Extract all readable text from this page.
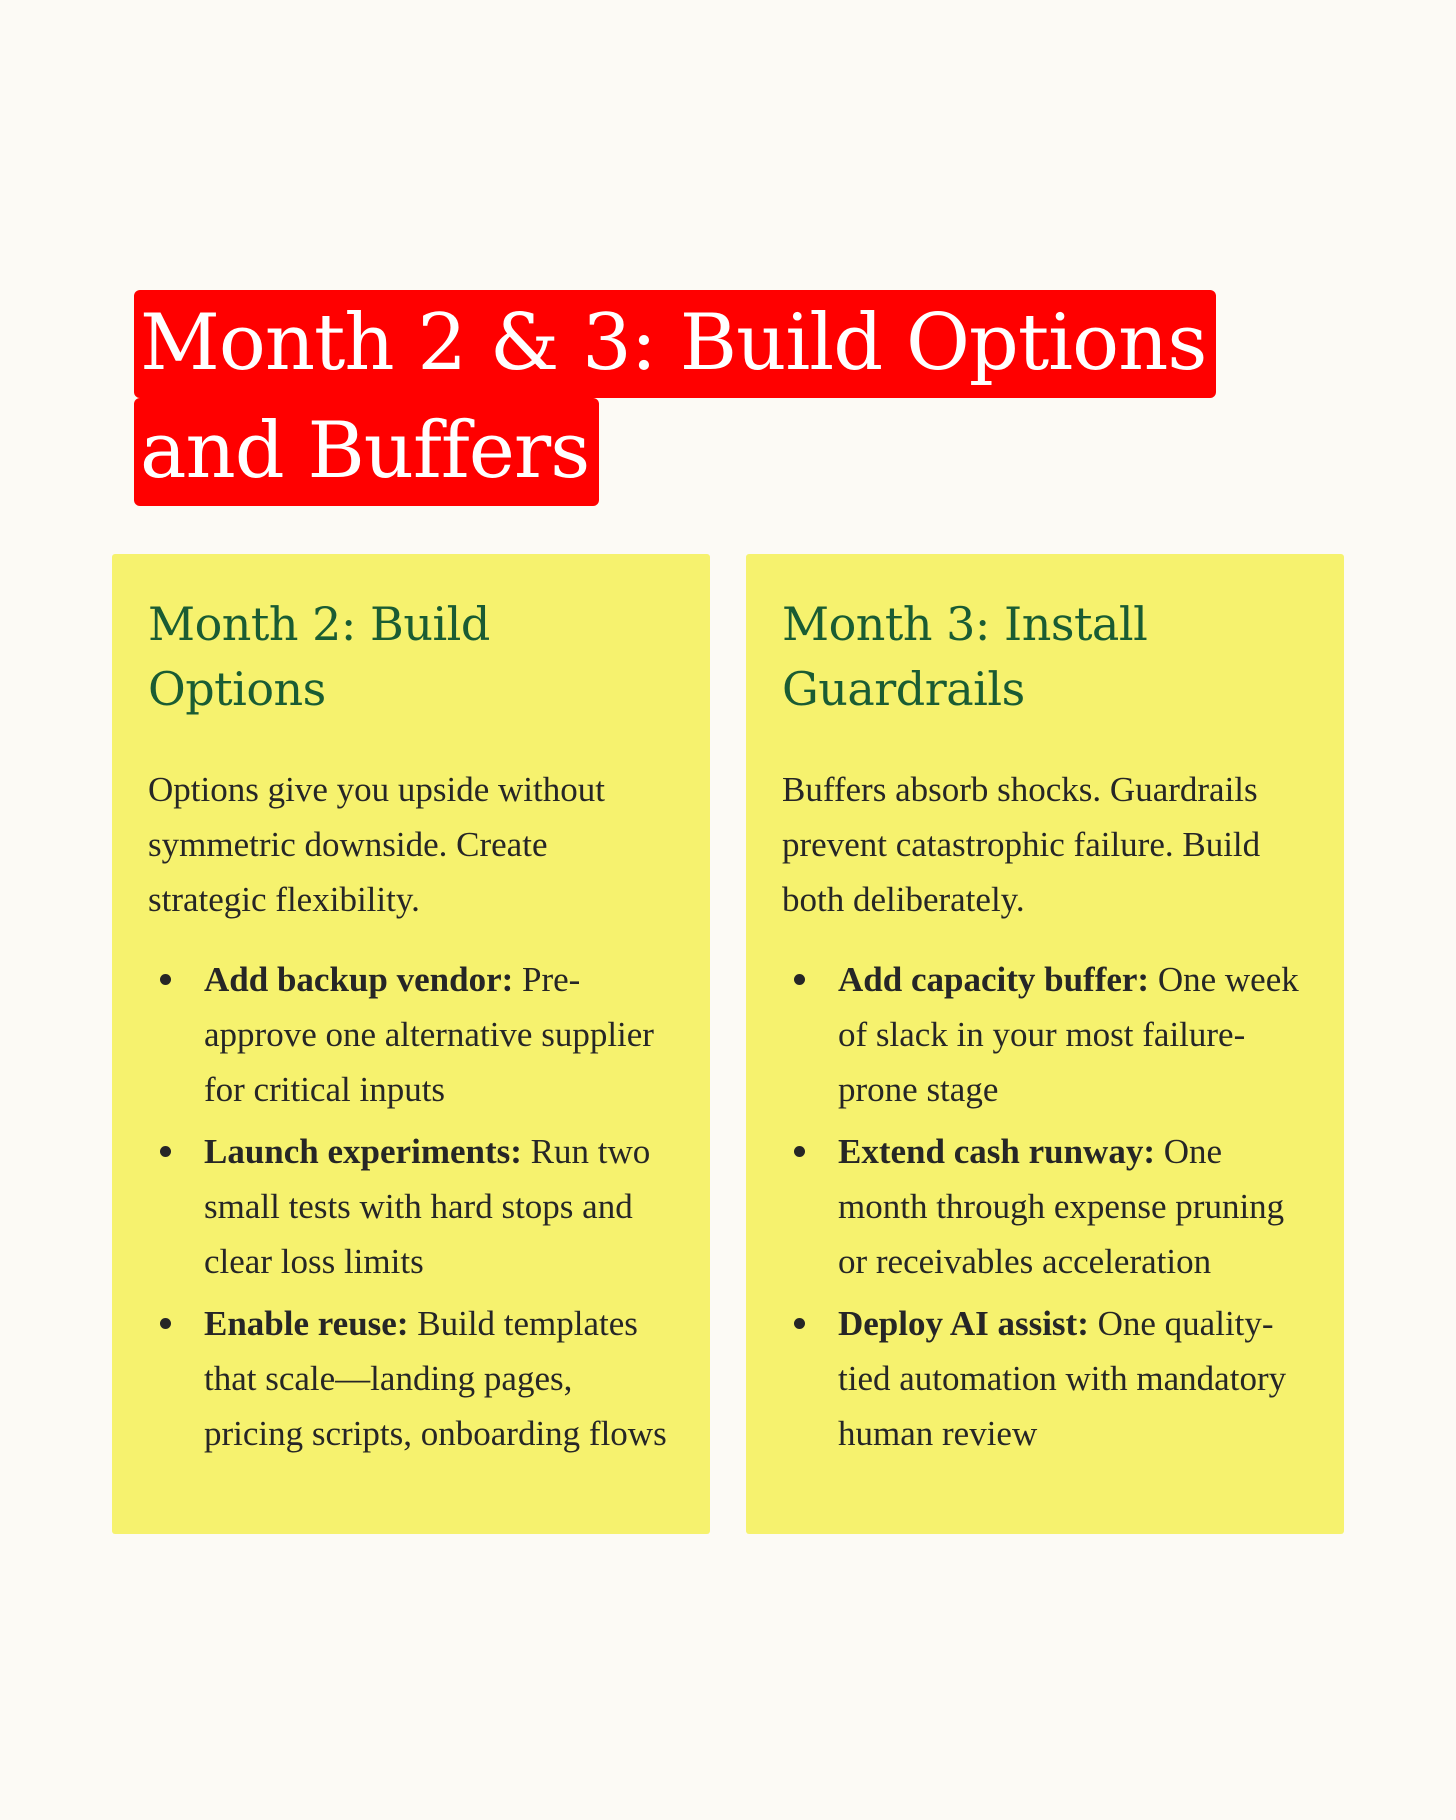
Month 2 & 3: Build Options
and Buffers
Month 2: Build Options

Options give you upside without symmetric downside. Create strategic flexibility.

Add backup vendor: Pre-approve one alternative supplier for critical inputs
Launch experiments: Run two small tests with hard stops and clear loss limits
Enable reuse: Build templates that scale—landing pages, pricing scripts, onboarding flows
Month 3: Install Guardrails

Buffers absorb shocks. Guardrails prevent catastrophic failure. Build both deliberately.

Add capacity buffer: One week of slack in your most failure-prone stage
Extend cash runway: One month through expense pruning or receivables acceleration
Deploy AI assist: One quality-tied automation with mandatory human review
